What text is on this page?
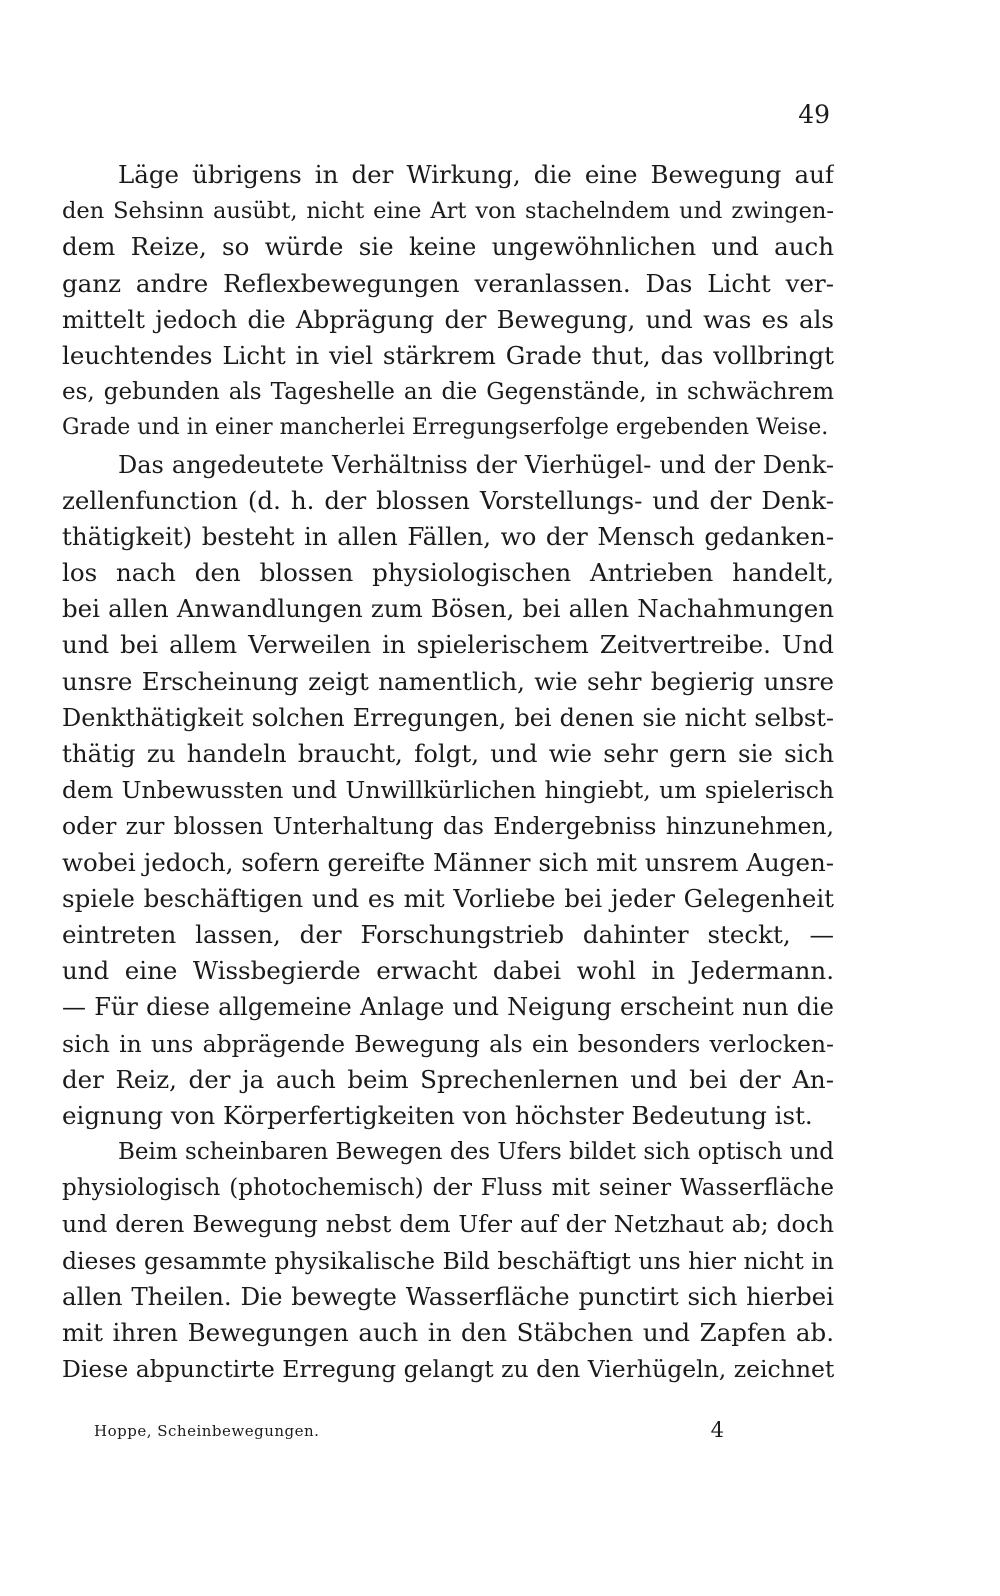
49
Läge übrigens in der Wirkung, die eine Bewegung auf
den Sehsinn ausübt, nicht eine Art von stachelndem und zwingen-
dem Reize, so würde sie keine ungewöhnlichen und auch
ganz andre Reflexbewegungen veranlassen. Das Licht ver-
mittelt jedoch die Abprägung der Bewegung, und was es als
leuchtendes Licht in viel stärkrem Grade thut, das vollbringt
es, gebunden als Tageshelle an die Gegenstände, in schwächrem
Grade und in einer mancherlei Erregungserfolge ergebenden Weise.
Das angedeutete Verhältniss der Vierhügel- und der Denk-
zellenfunction (d. h. der blossen Vorstellungs- und der Denk-
thätigkeit) besteht in allen Fällen, wo der Mensch gedanken-
los nach den blossen physiologischen Antrieben handelt,
bei allen Anwandlungen zum Bösen, bei allen Nachahmungen
und bei allem Verweilen in spielerischem Zeitvertreibe. Und
unsre Erscheinung zeigt namentlich, wie sehr begierig unsre
Denkthätigkeit solchen Erregungen, bei denen sie nicht selbst-
thätig zu handeln braucht, folgt, und wie sehr gern sie sich
dem Unbewussten und Unwillkürlichen hingiebt, um spielerisch
oder zur blossen Unterhaltung das Endergebniss hinzunehmen,
wobei jedoch, sofern gereifte Männer sich mit unsrem Augen-
spiele beschäftigen und es mit Vorliebe bei jeder Gelegenheit
eintreten lassen, der Forschungstrieb dahinter steckt, —
und eine Wissbegierde erwacht dabei wohl in Jedermann.
— Für diese allgemeine Anlage und Neigung erscheint nun die
sich in uns abprägende Bewegung als ein besonders verlocken-
der Reiz, der ja auch beim Sprechenlernen und bei der An-
eignung von Körperfertigkeiten von höchster Bedeutung ist.
Beim scheinbaren Bewegen des Ufers bildet sich optisch und
physiologisch (photochemisch) der Fluss mit seiner Wasserfläche
und deren Bewegung nebst dem Ufer auf der Netzhaut ab; doch
dieses gesammte physikalische Bild beschäftigt uns hier nicht in
allen Theilen. Die bewegte Wasserfläche punctirt sich hierbei
mit ihren Bewegungen auch in den Stäbchen und Zapfen ab.
Diese abpunctirte Erregung gelangt zu den Vierhügeln, zeichnet
Hoppe, Scheinbewegungen.	4
